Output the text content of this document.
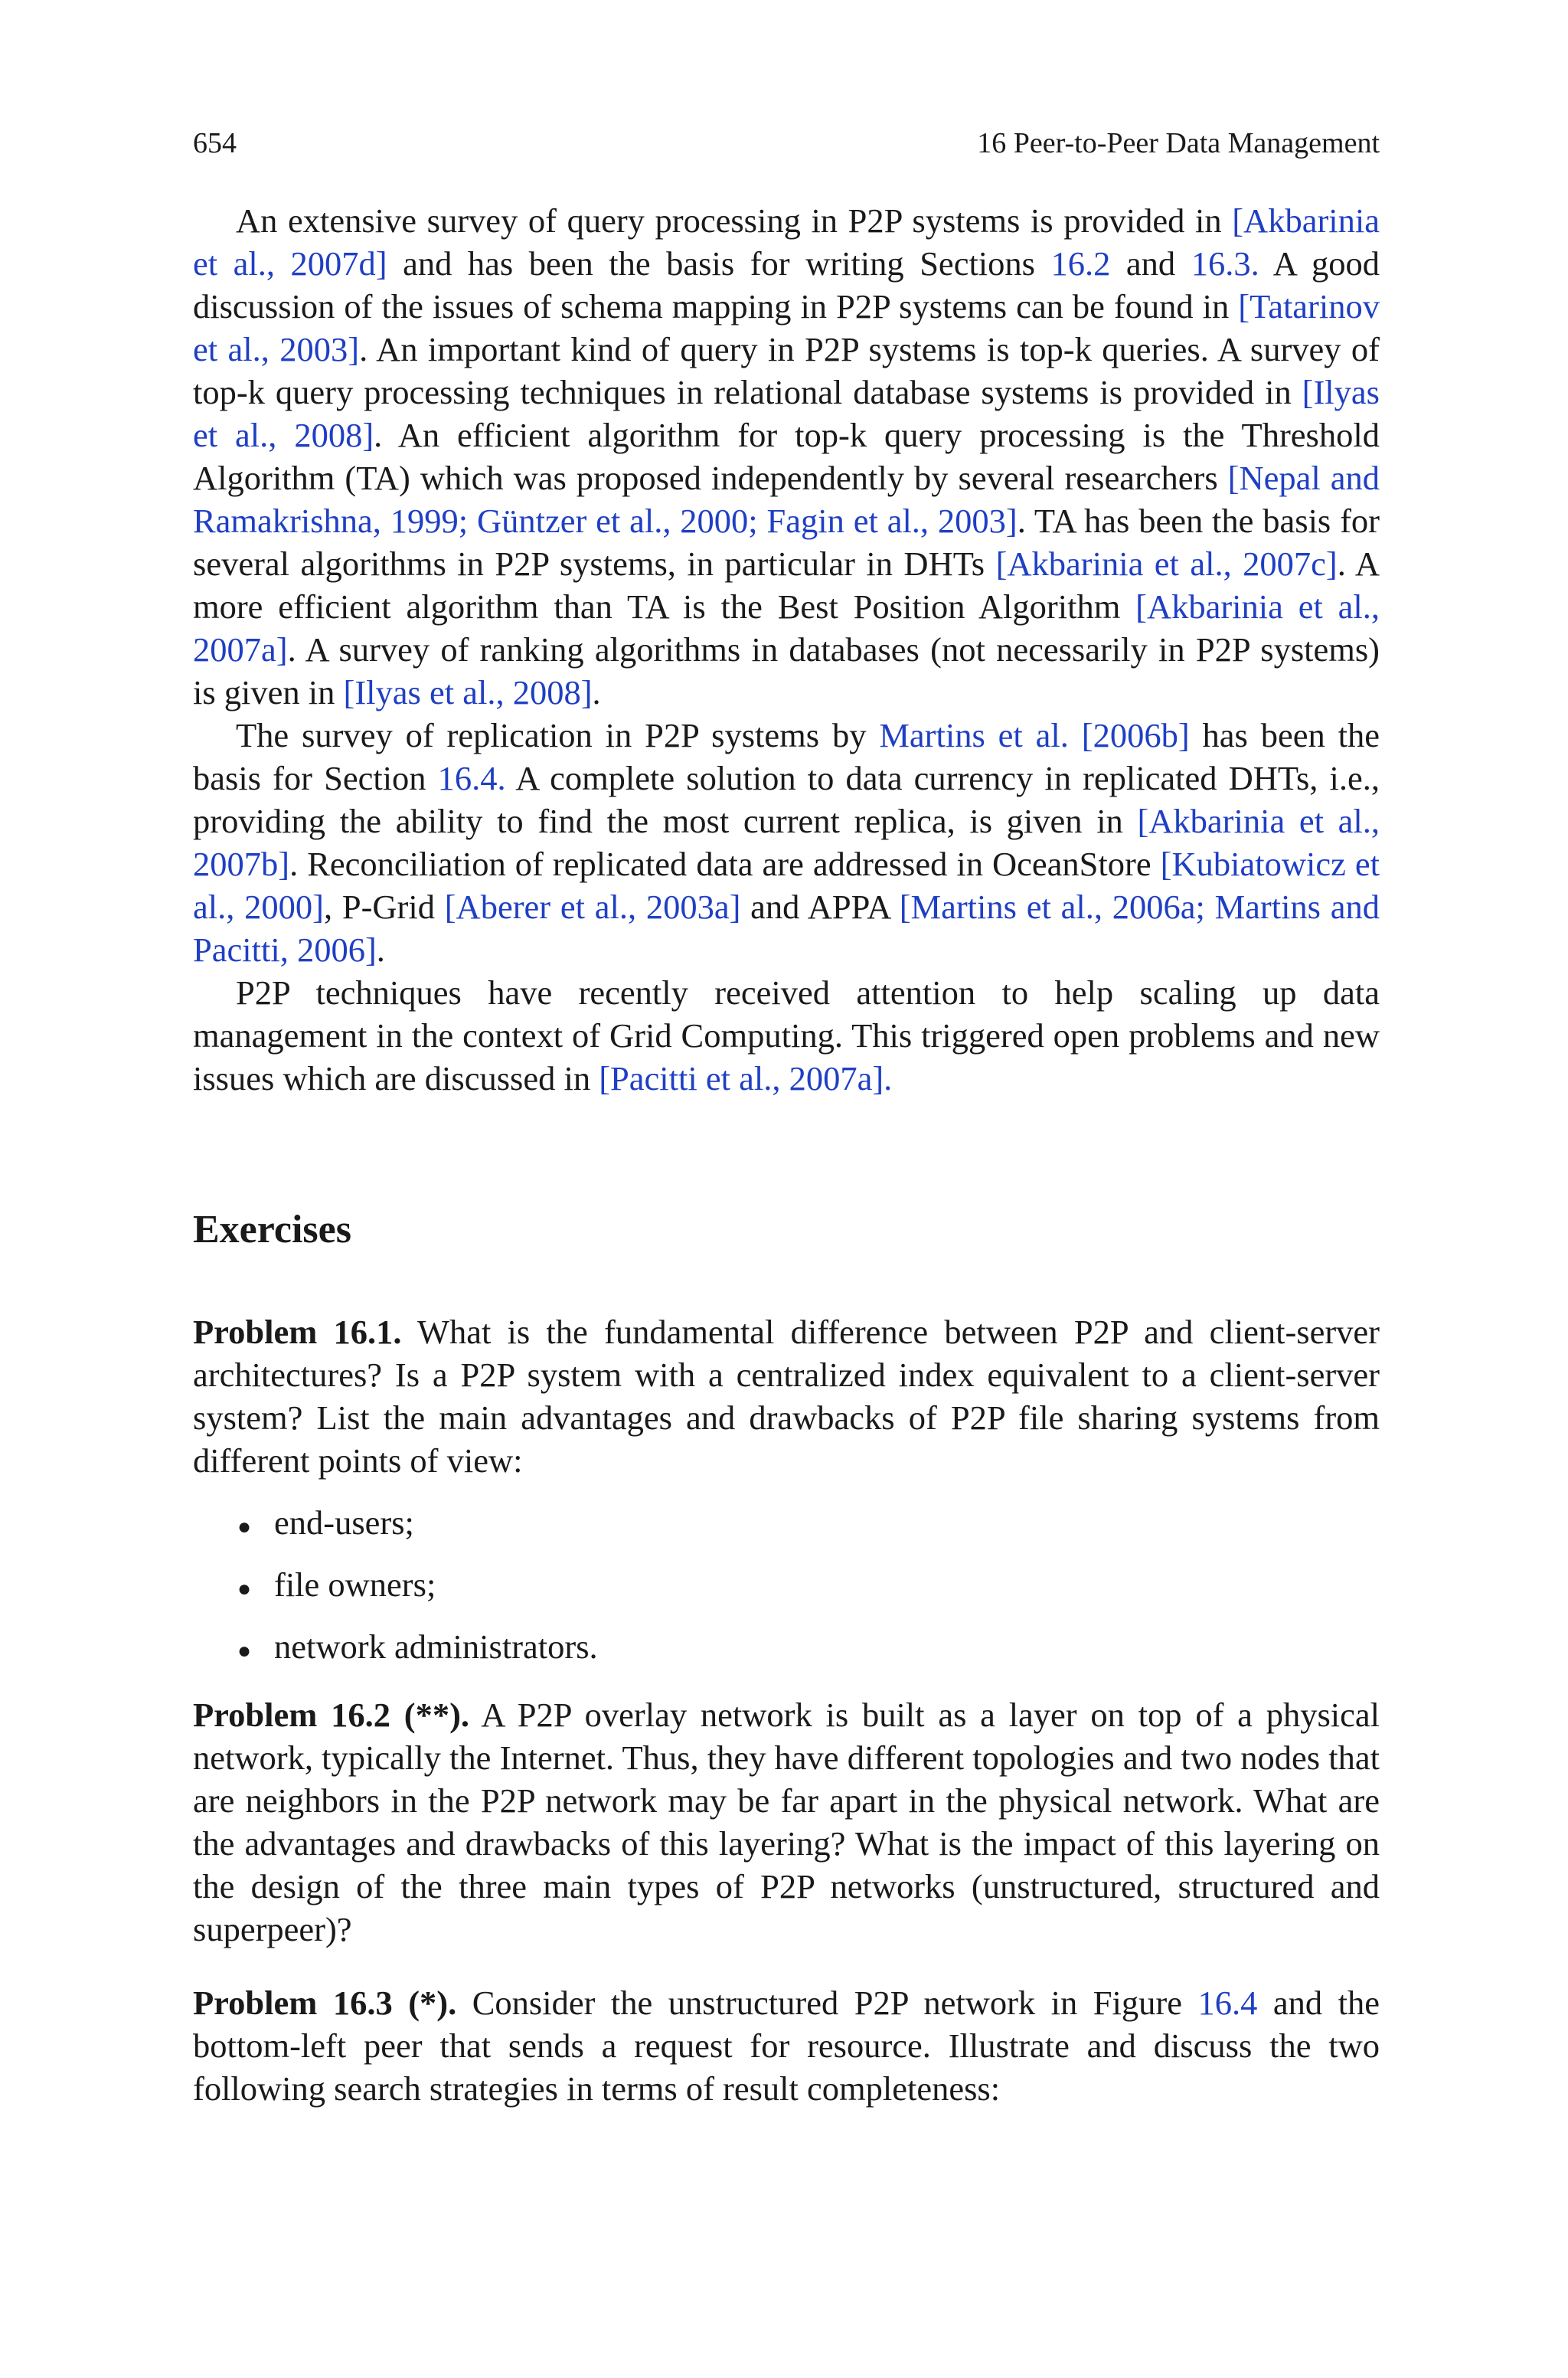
654	16 Peer-to-Peer Data Management

An extensive survey of query processing in P2P systems is provided in [Akbarinia et al., 2007d] and has been the basis for writing Sections 16.2 and 16.3. A good discussion of the issues of schema mapping in P2P systems can be found in [Tatarinov et al., 2003]. An important kind of query in P2P systems is top-k queries. A survey of top-k query processing techniques in relational database systems is provided in [Ilyas et al., 2008]. An efficient algorithm for top-k query processing is the Threshold Algorithm (TA) which was proposed independently by several researchers [Nepal and Ramakrishna, 1999; Güntzer et al., 2000; Fagin et al., 2003]. TA has been the basis for several algorithms in P2P systems, in particular in DHTs [Akbarinia et al., 2007c]. A more efficient algorithm than TA is the Best Position Algorithm [Akbarinia et al., 2007a]. A survey of ranking algorithms in databases (not necessarily in P2P systems) is given in [Ilyas et al., 2008].

The survey of replication in P2P systems by Martins et al. [2006b] has been the basis for Section 16.4. A complete solution to data currency in replicated DHTs, i.e., providing the ability to find the most current replica, is given in [Akbarinia et al., 2007b]. Reconciliation of replicated data are addressed in OceanStore [Kubiatowicz et al., 2000], P-Grid [Aberer et al., 2003a] and APPA [Martins et al., 2006a; Martins and Pacitti, 2006].

P2P techniques have recently received attention to help scaling up data management in the context of Grid Computing. This triggered open problems and new issues which are discussed in [Pacitti et al., 2007a].

Exercises

Problem 16.1. What is the fundamental difference between P2P and client-server architectures? Is a P2P system with a centralized index equivalent to a client-server system? List the main advantages and drawbacks of P2P file sharing systems from different points of view:

● end-users;
● file owners;
● network administrators.

Problem 16.2 (**). A P2P overlay network is built as a layer on top of a physical network, typically the Internet. Thus, they have different topologies and two nodes that are neighbors in the P2P network may be far apart in the physical network. What are the advantages and drawbacks of this layering? What is the impact of this layering on the design of the three main types of P2P networks (unstructured, structured and superpeer)?

Problem 16.3 (*). Consider the unstructured P2P network in Figure 16.4 and the bottom-left peer that sends a request for resource. Illustrate and discuss the two following search strategies in terms of result completeness:
